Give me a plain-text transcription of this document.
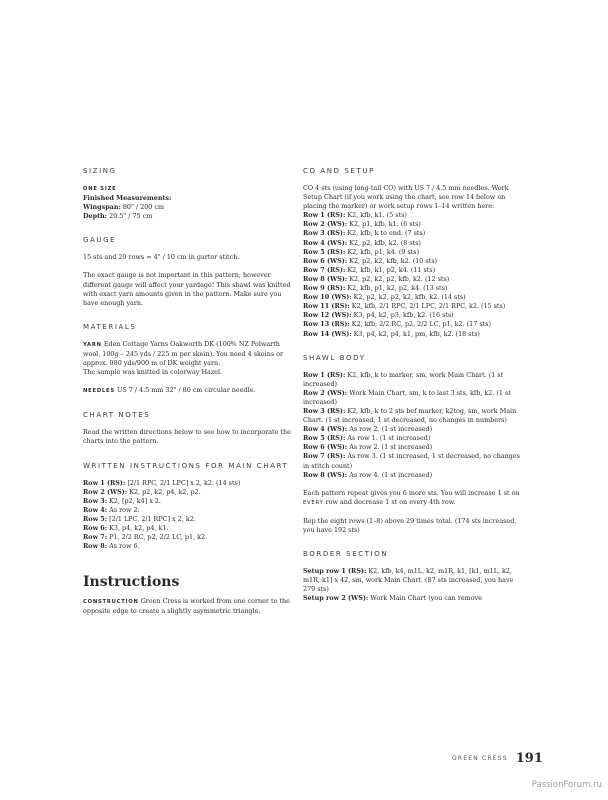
SIZING

ONE SIZE

Finished Measurements:

Wingspan: 80" / 200 cm

Depth: 29.5" / 75 cm

GAUGE

15 sts and 20 rows = 4" / 10 cm in garter stitch.

The exact gauge is not important in this pattern; however different gauge will affect your yardage! This shawl was knitted with exact yarn amounts given in the pattern. Make sure you have enough yarn.

MATERIALS

YARN Eden Cottage Yarns Oakworth DK (100% NZ Polwarth wool, 100g – 245 yds / 225 m per skein). You need 4 skeins or approx. 980 yds/900 m of DK weight yarn.

The sample was knitted in colorway Hazel.

NEEDLES US 7 / 4.5 mm 32" / 80 cm circular needle.

CHART NOTES

Read the written directions below to see how to incorporate the charts into the pattern.

WRITTEN INSTRUCTIONS FOR MAIN CHART

Row 1 (RS): [2/1 RPC, 2/1 LPC] x 2, k2. (14 sts)

Row 2 (WS): K2, p2, k2, p4, k2, p2.

Row 3: K2, [p2, k4] x 2.

Row 4: As row 2.

Row 5: [2/1 LPC, 2/1 RPC] x 2, k2.

Row 6: K3, p4, k2, p4, k1.

Row 7: P1, 2/2 RC, p2, 2/2 LC, p1, k2.

Row 8: As row 6.

Instructions

CONSTRUCTION Green Cress is worked from one corner to the opposite edge to create a slightly asymmetric triangle.

CO AND SETUP

CO 4 sts (using long-tail CO) with US 7 / 4.5 mm needles. Work Setup Chart (if you work using the chart, see row 14 below on placing the marker) or work setup rows 1–14 written here:

Row 1 (RS): K2, kfb, k1. (5 sts)

Row 2 (WS): K2, p1, kfb, k1. (6 sts)

Row 3 (RS): K2, kfb, k to end. (7 sts)

Row 4 (WS): K2, p2, kfb, k2. (8 sts)

Row 5 (RS): K2, kfb, p1, k4. (9 sts)

Row 6 (WS): K2, p2, k2, kfb, k2. (10 sts)

Row 7 (RS): K2, kfb, k1, p2, k4. (11 sts)

Row 8 (WS): K2, p2, k2, p2, kfb, k2. (12 sts)

Row 9 (RS): K2, kfb, p1, k2, p2, k4. (13 sts)

Row 10 (WS): K2, p2, k2, p2, k2, kfb, k2. (14 sts)

Row 11 (RS): K2, kfb, 2/1 RPC, 2/1 LPC, 2/1 RPC, k2. (15 sts)

Row 12 (WS): K3, p4, k2, p3, kfb, k2. (16 sts)

Row 13 (RS): K2, kfb, 2/2 RC, p2, 2/2 LC, p1, k2. (17 sts)

Row 14 (WS): K3, p4, k2, p4, k1, pm, kfb, k2. (18 sts)

SHAWL BODY

Row 1 (RS): K2, kfb, k to marker, sm, work Main Chart. (1 st increased)

Row 2 (WS): Work Main Chart, sm, k to last 3 sts, kfb, k2. (1 st increased)

Row 3 (RS): K2, kfb, k to 2 sts bef marker, k2tog, sm, work Main Chart. (1 st increased, 1 st decreased, no changes in numbers)

Row 4 (WS): As row 2. (1 st increased)

Row 5 (RS): As row 1. (1 st increased)

Row 6 (WS): As row 2. (1 st increased)

Row 7 (RS): As row 3. (1 st increased, 1 st decreased, no changes in stitch count)

Row 8 (WS): As row 4. (1 st increased)

Each pattern repeat gives you 6 more sts. You will increase 1 st on EVERY row and decrease 1 st on every 4th row.

Rep the eight rows (1–8) above 29 times total. (174 sts increased, you have 192 sts)

BORDER SECTION

Setup row 1 (RS): K2, kfb, k4, m1L, k2, m1R, k1, [k1, m1L, k2, m1R, k1] x 42, sm, work Main Chart. (87 sts increased, you have 279 sts)

Setup row 2 (WS): Work Main Chart (you can remove

GREEN CRESS 191
PassionForum.ru
